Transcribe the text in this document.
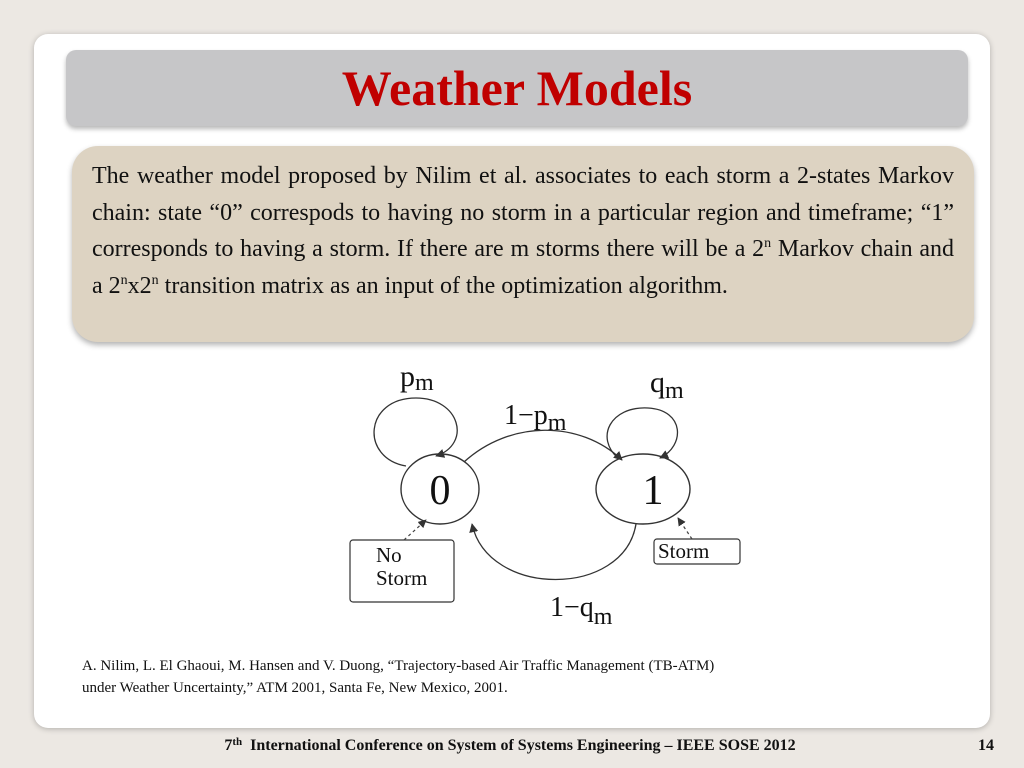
Weather Models

The weather model proposed by Nilim et al. associates to each storm a 2-states Markov chain: state “0” correspods to having no storm in a particular region and timeframe; “1” corresponds to having a storm. If there are m storms there will be a 2$^n$ Markov chain and a 2$^n$x2$^n$ transition matrix as an input of the optimization algorithm.

0	1
pm	$q_m$
1−pm
1−qm
No
Storm
Storm
A. Nilim, L. El Ghaoui, M. Hansen and V. Duong, “Trajectory-based Air Traffic Management (TB-ATM)
under Weather Uncertainty,” ATM 2001, Santa Fe, New Mexico, 2001.
7th  International Conference on System of Systems Engineering – IEEE SOSE 2012	14
